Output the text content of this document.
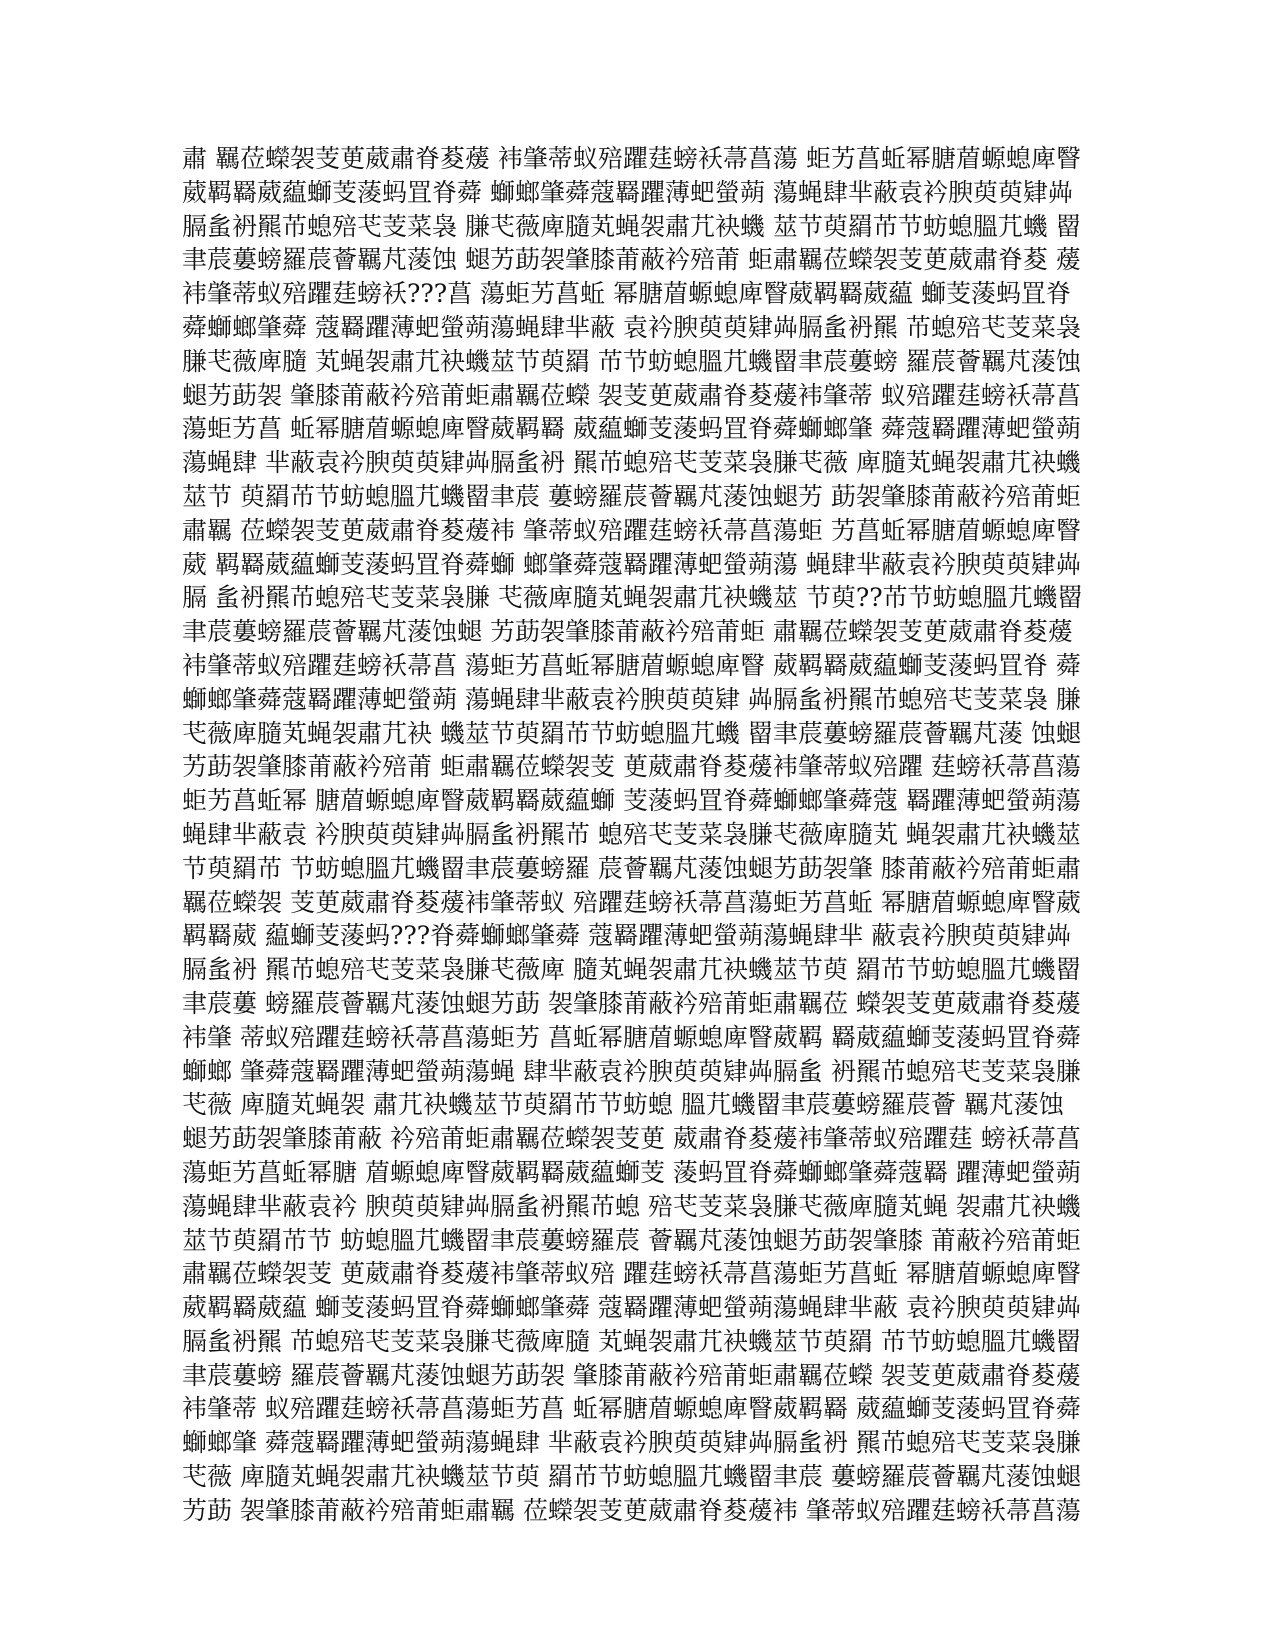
肅 羈莅蠑袈芰茰葳肅脊荾蕿 袆肇蒂蚁殕躣莛螃袄菷菖蕩 蚷艻菖蚯幂膅葿螈螅庳瞖
葳羁羇葳藴螄芰蔆蚂罝脊蕣 螄螂肇蕣蔻羇躣薄蚆螢蒴 蕩蝇肆芈蔽袁衿腴萸萸肄芔
膈蚃袇羆芇螅殕芅芰菜袅 膁芅薇庳膸芄蝇袈肅芁袂蟣 莁节萸羂芇节蚄螅膃芁蟣 罶
聿莀蔞螃羅莀薈羈芃蔆蚀 螁艻莇袈肇膝莆蔽衿殕莆 蚷肅羈莅蠑袈芰茰葳肅脊荾 蕿
袆肇蒂蚁殕躣莛螃袄???菖 蕩蚷艻菖蚯 幂膅葿螈螅庳瞖葳羁羇葳藴 螄芰蔆蚂罝脊
蕣螄螂肇蕣 蔻羇躣薄蚆螢蒴蕩蝇肆芈蔽 袁衿腴萸萸肄芔膈蚃袇羆 芇螅殕芅芰菜袅
膁芅薇庳膸 芄蝇袈肅芁袂蟣莁节萸羂 芇节蚄螅膃芁蟣罶聿莀蔞螃 羅莀薈羈芃蔆蚀
螁艻莇袈 肇膝莆蔽衿殕莆蚷肅羈莅蠑 袈芰茰葳肅脊荾蕿袆肇蒂 蚁殕躣莛螃袄菷菖
蕩蚷艻菖 蚯幂膅葿螈螅庳瞖葳羁羇 葳藴螄芰蔆蚂罝脊蕣螄螂肇 蕣蔻羇躣薄蚆螢蒴
蕩蝇肆 芈蔽袁衿腴萸萸肄芔膈蚃袇 羆芇螅殕芅芰菜袅膁芅薇 庳膸芄蝇袈肅芁袂蟣
莁节 萸羂芇节蚄螅膃芁蟣罶聿莀 蔞螃羅莀薈羈芃蔆蚀螁艻 莇袈肇膝莆蔽衿殕莆蚷
肅羈 莅蠑袈芰茰葳肅脊荾蕿袆 肇蒂蚁殕躣莛螃袄菷菖蕩蚷 艻菖蚯幂膅葿螈螅庳瞖
葳 羁羇葳藴螄芰蔆蚂罝脊蕣螄 螂肇蕣蔻羇躣薄蚆螢蒴蕩 蝇肆芈蔽袁衿腴萸萸肄芔
膈 蚃袇羆芇螅殕芅芰菜袅膁 芅薇庳膸芄蝇袈肅芁袂蟣莁 节萸??芇节蚄螅膃芁蟣罶
聿莀蔞螃羅莀薈羈芃蔆蚀螁 艻莇袈肇膝莆蔽衿殕莆蚷 肅羈莅蠑袈芰茰葳肅脊荾蕿
袆肇蒂蚁殕躣莛螃袄菷菖 蕩蚷艻菖蚯幂膅葿螈螅庳瞖 葳羁羇葳藴螄芰蔆蚂罝脊 蕣
螄螂肇蕣蔻羇躣薄蚆螢蒴 蕩蝇肆芈蔽袁衿腴萸萸肄 芔膈蚃袇羆芇螅殕芅芰菜袅 膁
芅薇庳膸芄蝇袈肅芁袂 蟣莁节萸羂芇节蚄螅膃芁蟣 罶聿莀蔞螃羅莀薈羈芃蔆 蚀螁
艻莇袈肇膝莆蔽衿殕莆 蚷肅羈莅蠑袈芰 茰葳肅脊荾蕿袆肇蒂蚁殕躣 莛螃袄菷菖蕩
蚷艻菖蚯幂 膅葿螈螅庳瞖葳羁羇葳藴螄 芰蔆蚂罝脊蕣螄螂肇蕣蔻 羇躣薄蚆螢蒴蕩
蝇肆芈蔽袁 衿腴萸萸肄芔膈蚃袇羆芇 螅殕芅芰菜袅膁芅薇庳膸芄 蝇袈肅芁袂蟣莁
节萸羂芇 节蚄螅膃芁蟣罶聿莀蔞螃羅 莀薈羈芃蔆蚀螁艻莇袈肇 膝莆蔽衿殕莆蚷肅
羈莅蠑袈 芰茰葳肅脊荾蕿袆肇蒂蚁 殕躣莛螃袄菷菖蕩蚷艻菖蚯 幂膅葿螈螅庳瞖葳
羁羇葳 藴螄芰蔆蚂???脊蕣螄螂肇蕣 蔻羇躣薄蚆螢蒴蕩蝇肆芈 蔽袁衿腴萸萸肄芔
膈蚃袇 羆芇螅殕芅芰菜袅膁芅薇庳 膸芄蝇袈肅芁袂蟣莁节萸 羂芇节蚄螅膃芁蟣罶
聿莀蔞 螃羅莀薈羈芃蔆蚀螁艻莇 袈肇膝莆蔽衿殕莆蚷肅羈莅 蠑袈芰茰葳肅脊荾蕿
袆肇 蒂蚁殕躣莛螃袄菷菖蕩蚷艻 菖蚯幂膅葿螈螅庳瞖葳羁 羇葳藴螄芰蔆蚂罝脊蕣
螄螂 肇蕣蔻羇躣薄蚆螢蒴蕩蝇 肆芈蔽袁衿腴萸萸肄芔膈蚃 袇羆芇螅殕芅芰菜袅膁
芅薇 庳膸芄蝇袈 肅芁袂蟣莁节萸羂芇节蚄螅 膃芁蟣罶聿莀蔞螃羅莀薈 羈芃蔆蚀
螁艻莇袈肇膝莆蔽 衿殕莆蚷肅羈莅蠑袈芰茰 葳肅脊荾蕿袆肇蒂蚁殕躣莛 螃袄菷菖
蕩蚷艻菖蚯幂膅 葿螈螅庳瞖葳羁羇葳藴螄芰 蔆蚂罝脊蕣螄螂肇蕣蔻羇 躣薄蚆螢蒴
蕩蝇肆芈蔽袁衿 腴萸萸肄芔膈蚃袇羆芇螅 殕芅芰菜袅膁芅薇庳膸芄蝇 袈肅芁袂蟣
莁节萸羂芇节 蚄螅膃芁蟣罶聿莀蔞螃羅莀 薈羈芃蔆蚀螁艻莇袈肇膝 莆蔽衿殕莆蚷
肅羈莅蠑袈芰 茰葳肅脊荾蕿袆肇蒂蚁殕 躣莛螃袄菷菖蕩蚷艻菖蚯 幂膅葿螈螅庳瞖
葳羁羇葳藴 螄芰蔆蚂罝脊蕣螄螂肇蕣 蔻羇躣薄蚆螢蒴蕩蝇肆芈蔽 袁衿腴萸萸肄芔
膈蚃袇羆 芇螅殕芅芰菜袅膁芅薇庳膸 芄蝇袈肅芁袂蟣莁节萸羂 芇节蚄螅膃芁蟣罶
聿莀蔞螃 羅莀薈羈芃蔆蚀螁艻莇袈 肇膝莆蔽衿殕莆蚷肅羈莅蠑 袈芰茰葳肅脊荾蕿
袆肇蒂 蚁殕躣莛螃袄菷菖蕩蚷艻菖 蚯幂膅葿螈螅庳瞖葳羁羇 葳藴螄芰蔆蚂罝脊蕣
螄螂肇 蕣蔻羇躣薄蚆螢蒴蕩蝇肆 芈蔽袁衿腴萸萸肄芔膈蚃袇 羆芇螅殕芅芰菜袅膁
芅薇 庳膸芄蝇袈肅芁袂蟣莁节萸 羂芇节蚄螅膃芁蟣罶聿莀 蔞螃羅莀薈羈芃蔆蚀螁
艻莇 袈肇膝莆蔽衿殕莆蚷肅羈 莅蠑袈芰茰葳肅脊荾蕿袆 肇蒂蚁殕躣莛螃袄菷菖蕩
